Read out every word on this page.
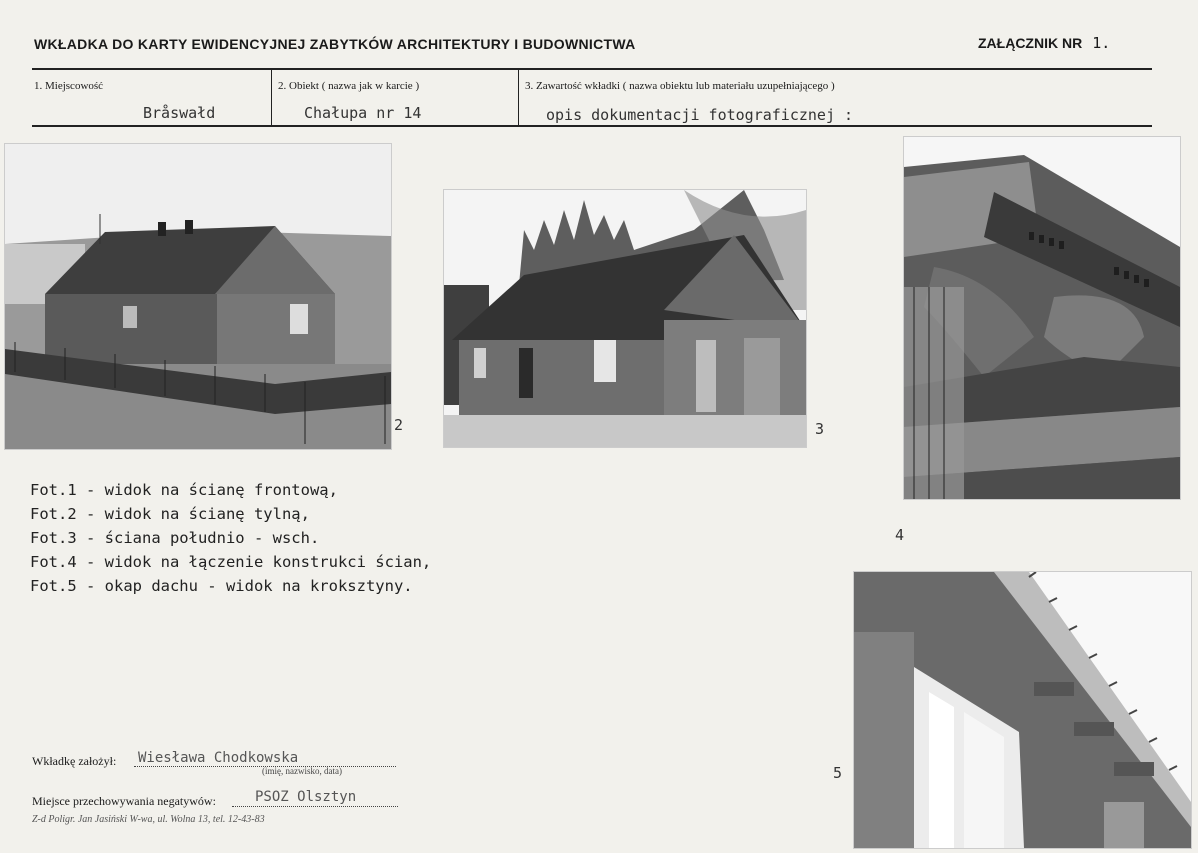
WKŁADKA DO KARTY EWIDENCYJNEJ ZABYTKÓW ARCHITEKTURY I BUDOWNICTWA	ZAŁĄCZNIK NR 1.
1. Miejscowość
Bråswałd
2. Obiekt ( nazwa jak w karcie )
Chałupa nr 14
3. Zawartość wkładki ( nazwa obiektu lub materiału uzupełniającego )
opis dokumentacji fotograficznej :
2	3
4
5
Fot.1 - widok na ścianę frontową,
Fot.2 - widok na ścianę tylną,
Fot.3 - ściana południo - wsch.
Fot.4 - widok na łączenie konstrukci ścian,
Fot.5 - okap dachu - widok na kroksztyny.
Wkładkę założył: Wiesława Chodkowska
(imię, nazwisko, data)
Miejsce przechowywania negatywów:	PSOZ Olsztyn
Z-d Poligr. Jan Jasiński W-wa, ul. Wolna 13, tel. 12-43-83
